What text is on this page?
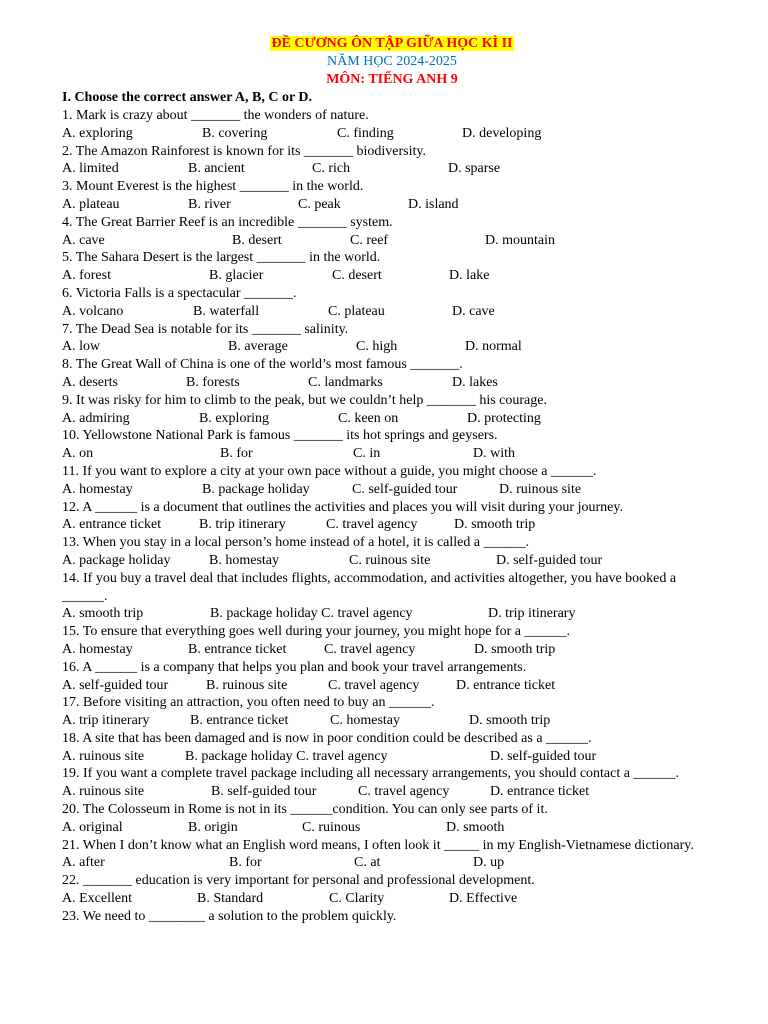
ĐỀ CƯƠNG ÔN TẬP GIỮA HỌC KÌ II
NĂM HỌC 2024-2025
MÔN: TIẾNG ANH 9
I. Choose the correct answer A, B, C or D.
1. Mark is crazy about _______ the wonders of nature.
A. exploring	B. covering	C. finding	D. developing
2. The Amazon Rainforest is known for its _______ biodiversity.
A. limited	B. ancient	C. rich	D. sparse
3. Mount Everest is the highest _______ in the world.
A. plateau	B. river	C. peak	D. island
4. The Great Barrier Reef is an incredible _______ system.
A. cave	B. desert	C. reef	D. mountain
5. The Sahara Desert is the largest _______ in the world.
A. forest	B. glacier	C. desert	D. lake
6. Victoria Falls is a spectacular _______.
A. volcano	B. waterfall	C. plateau	D. cave
7. The Dead Sea is notable for its _______ salinity.
A. low	B. average	C. high	D. normal
8. The Great Wall of China is one of the world’s most famous _______.
A. deserts	B. forests	C. landmarks	D. lakes
9. It was risky for him to climb to the peak, but we couldn’t help _______ his courage.
A. admiring	B. exploring	C. keen on	D. protecting
10. Yellowstone National Park is famous _______ its hot springs and geysers.
A. on	B. for	C. in	D. with
11. If you want to explore a city at your own pace without a guide, you might choose a ______.
A. homestay	B. package holiday	C. self-guided tour	D. ruinous site
12. A ______ is a document that outlines the activities and places you will visit during your journey.
A. entrance ticket	B. trip itinerary	C. travel agency	D. smooth trip
13. When you stay in a local person’s home instead of a hotel, it is called a ______.
A. package holiday	B. homestay	C. ruinous site	D. self-guided tour
14. If you buy a travel deal that includes flights, accommodation, and activities altogether, you have booked a ______.
A. smooth trip	B. package holiday C. travel agency	D. trip itinerary
15. To ensure that everything goes well during your journey, you might hope for a ______.
A. homestay	B. entrance ticket	C. travel agency	D. smooth trip
16. A ______ is a company that helps you plan and book your travel arrangements.
A. self-guided tour	B. ruinous site	C. travel agency	D. entrance ticket
17. Before visiting an attraction, you often need to buy an ______.
A. trip itinerary	B. entrance ticket	C. homestay	D. smooth trip
18. A site that has been damaged and is now in poor condition could be described as a ______.
A. ruinous site	B. package holiday C. travel agency	D. self-guided tour
19. If you want a complete travel package including all necessary arrangements, you should contact a ______.
A. ruinous site	B. self-guided tour	C. travel agency	D. entrance ticket
20. The Colosseum in Rome is not in its ______condition. You can only see parts of it.
A. original	B. origin	C. ruinous	D. smooth
21. When I don’t know what an English word means, I often look it _____ in my English-Vietnamese dictionary.
A. after	B. for	C. at	D. up
22. _______ education is very important for personal and professional development.
A. Excellent	B. Standard	C. Clarity	D. Effective
23. We need to ________ a solution to the problem quickly.
